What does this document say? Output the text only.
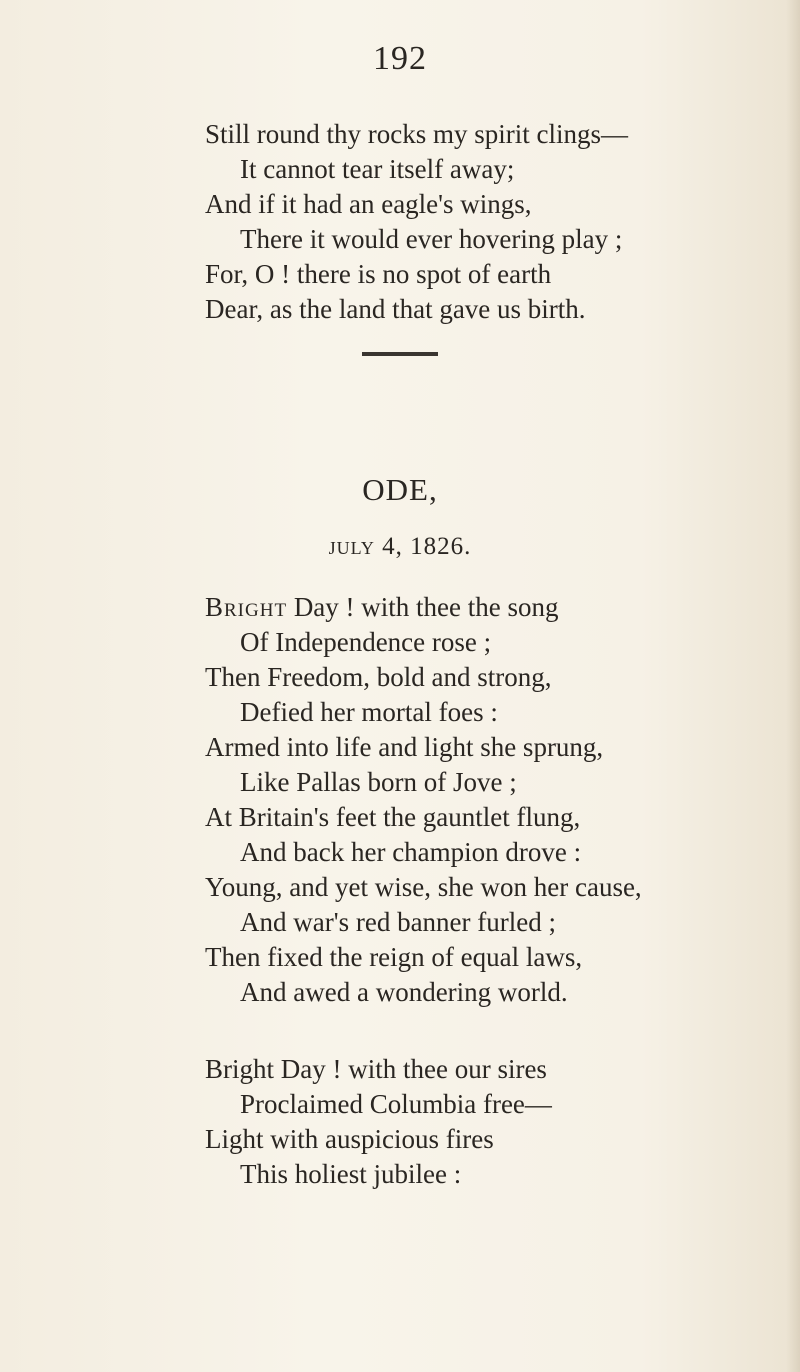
192
Still round thy rocks my spirit clings—
It cannot tear itself away;
And if it had an eagle's wings,
There it would ever hovering play ;
For, O ! there is no spot of earth
Dear, as the land that gave us birth.
ODE,
july 4, 1826.
Bright Day ! with thee the song
Of Independence rose ;
Then Freedom, bold and strong,
Defied her mortal foes :
Armed into life and light she sprung,
Like Pallas born of Jove ;
At Britain's feet the gauntlet flung,
And back her champion drove :
Young, and yet wise, she won her cause,
And war's red banner furled ;
Then fixed the reign of equal laws,
And awed a wondering world.
Bright Day ! with thee our sires
Proclaimed Columbia free—
Light with auspicious fires
This holiest jubilee :
